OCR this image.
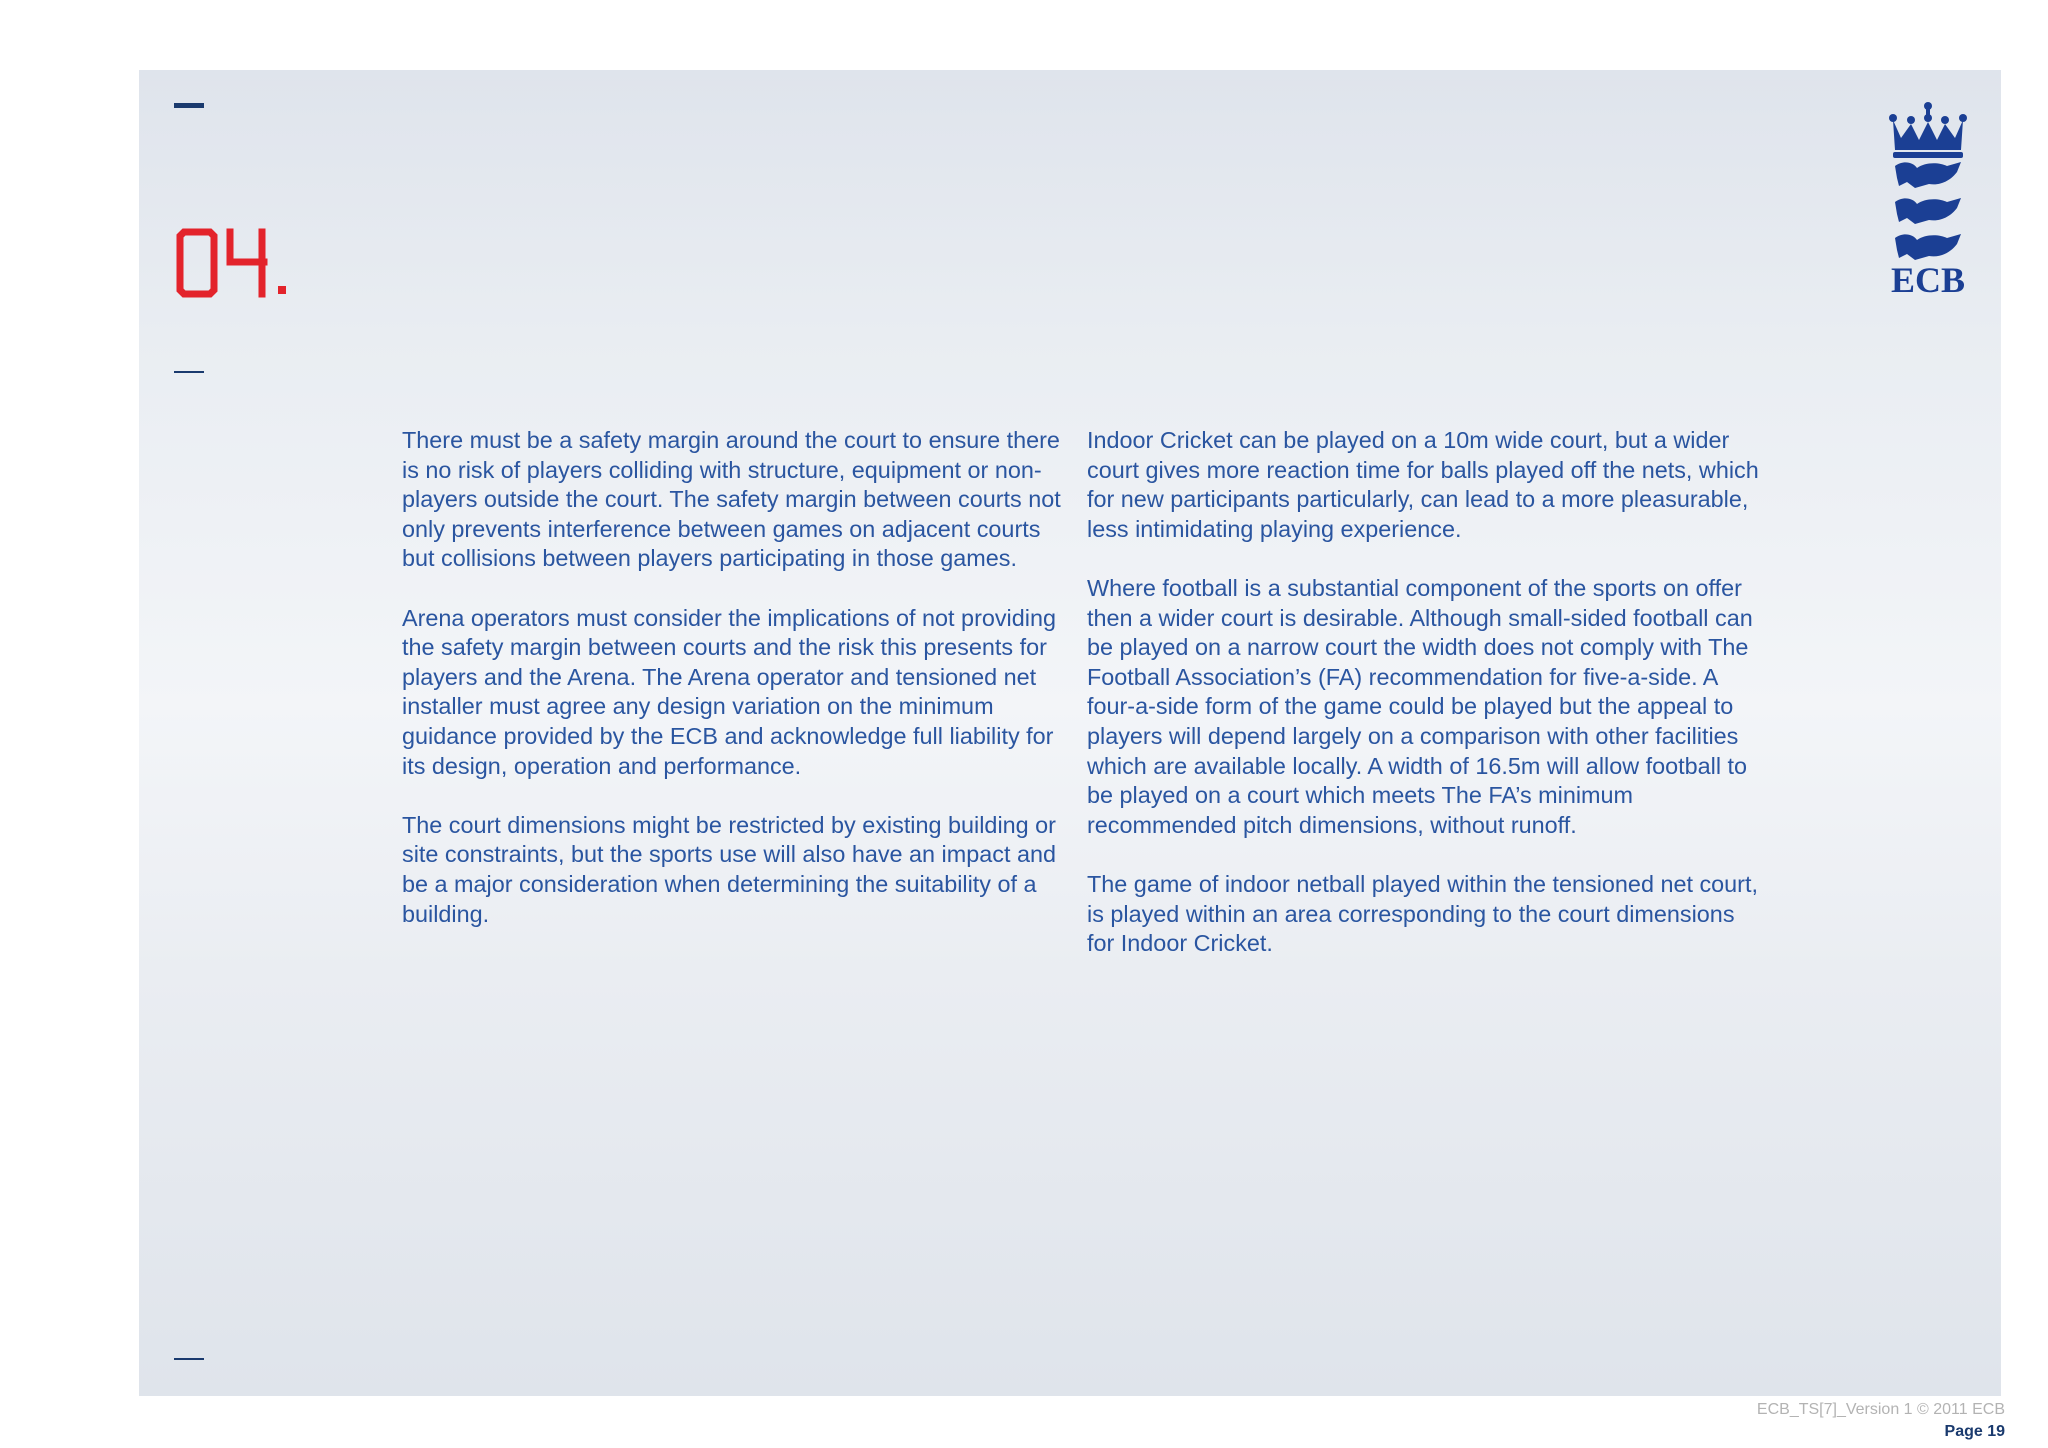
ECB

There must be a safety margin around the court to ensure there is no risk of players colliding with structure, equipment or non-players outside the court. The safety margin between courts not only prevents interference between games on adjacent courts but collisions between players participating in those games.

Arena operators must consider the implications of not providing the safety margin between courts and the risk this presents for players and the Arena. The Arena operator and tensioned net installer must agree any design variation on the minimum guidance provided by the ECB and acknowledge full liability for its design, operation and performance.

The court dimensions might be restricted by existing building or site constraints, but the sports use will also have an impact and be a major consideration when determining the suitability of a building.

Indoor Cricket can be played on a 10m wide court, but a wider court gives more reaction time for balls played off the nets, which for new participants particularly, can lead to a more pleasurable, less intimidating playing experience.

Where football is a substantial component of the sports on offer then a wider court is desirable. Although small-sided football can be played on a narrow court the width does not comply with The Football Association’s (FA) recommendation for five-a-side. A four-a-side form of the game could be played but the appeal to players will depend largely on a comparison with other facilities which are available locally. A width of 16.5m will allow football to be played on a court which meets The FA’s minimum recommended pitch dimensions, without runoff.

The game of indoor netball played within the tensioned net court, is played within an area corresponding to the court dimensions for Indoor Cricket.

ECB_TS[7]_Version 1 © 2011 ECB
Page 19
